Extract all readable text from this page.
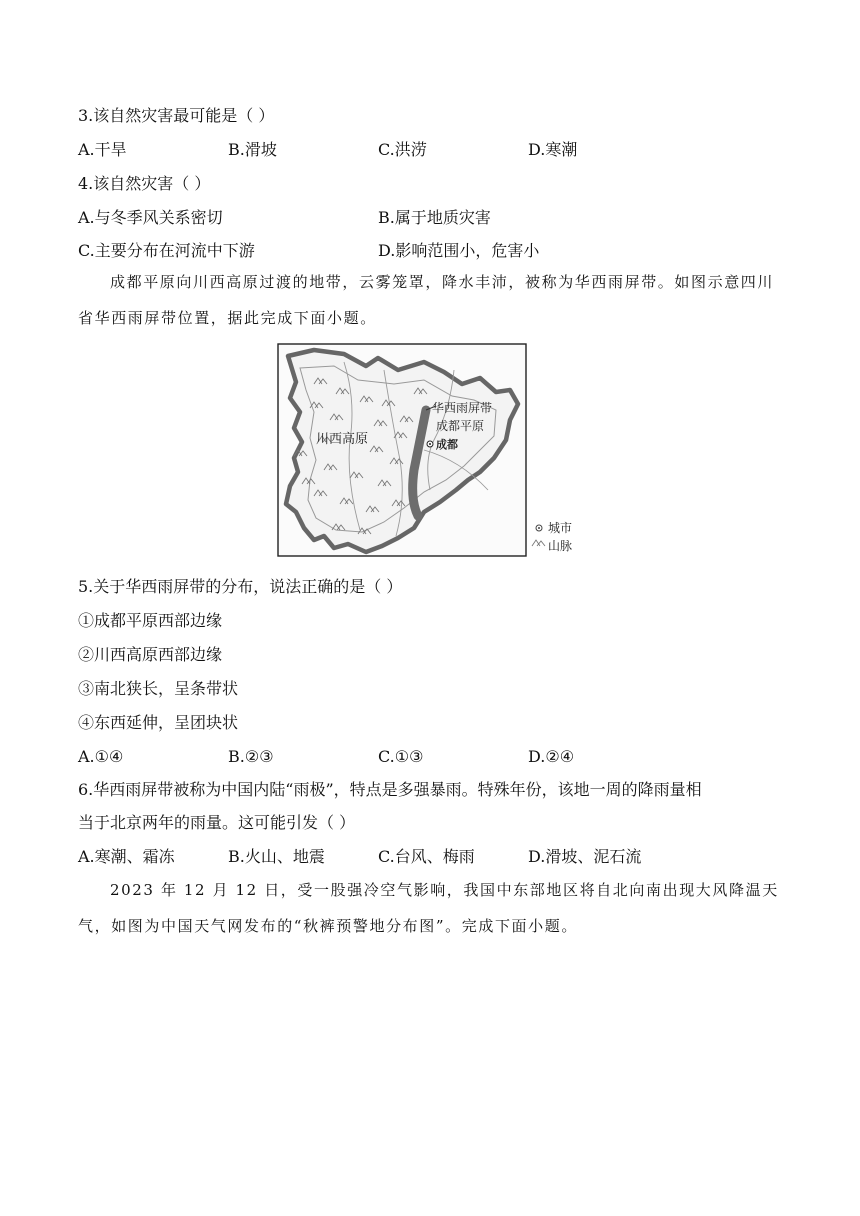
3.该自然灾害最可能是（ ）
A.干旱	B.滑坡	C.洪涝	D.寒潮
4.该自然灾害（ ）
A.与冬季风关系密切	B.属于地质灾害
C.主要分布在河流中下游	D.影响范围小，危害小
成都平原向川西高原过渡的地带，云雾笼罩，降水丰沛，被称为华西雨屏带。如图示意四川省华西雨屏带位置，据此完成下面小题。
华西雨屏带
成都平原
川西高原	成都
城市
山脉
5.关于华西雨屏带的分布，说法正确的是（ ）
①成都平原西部边缘
②川西高原西部边缘
③南北狭长，呈条带状
④东西延伸，呈团块状
A.①④	B.②③	C.①③	D.②④
6.华西雨屏带被称为中国内陆“雨极”，特点是多强暴雨。特殊年份，该地一周的降雨量相
当于北京两年的雨量。这可能引发（ ）
A.寒潮、霜冻	B.火山、地震	C.台风、梅雨	D.滑坡、泥石流
2023 年 12 月 12 日，受一股强冷空气影响，我国中东部地区将自北向南出现大风降温天气，如图为中国天气网发布的“秋裤预警地分布图”。完成下面小题。
